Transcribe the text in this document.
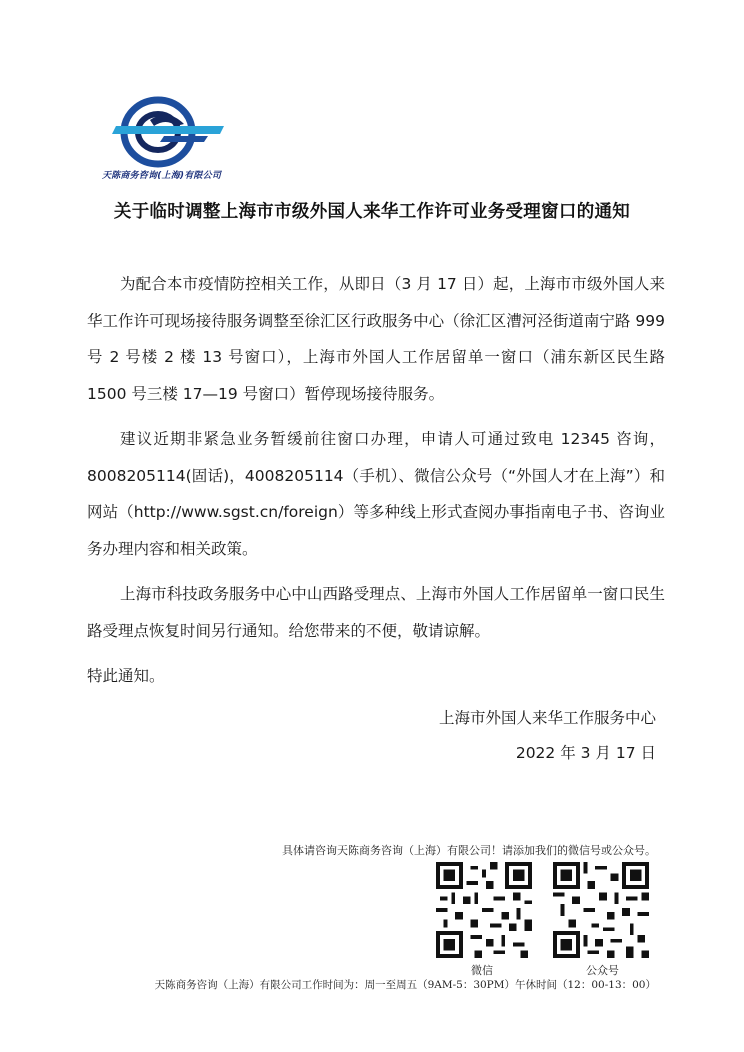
天陈商务咨询(上海)有限公司
关于临时调整上海市市级外国人来华工作许可业务受理窗口的通知

为配合本市疫情防控相关工作，从即日（3 月 17 日）起，上海市市级外国人来华工作许可现场接待服务调整至徐汇区行政服务中心（徐汇区漕河泾街道南宁路 999 号 2 号楼 2 楼 13 号窗口），上海市外国人工作居留单一窗口（浦东新区民生路 1500 号三楼 17—19 号窗口）暂停现场接待服务。

建议近期非紧急业务暂缓前往窗口办理，申请人可通过致电 12345 咨询，8008205114(固话)，4008205114（手机）、微信公众号（“外国人才在上海”）和网站（http://www.sgst.cn/foreign）等多种线上形式查阅办事指南电子书、咨询业务办理内容和相关政策。

上海市科技政务服务中心中山西路受理点、上海市外国人工作居留单一窗口民生路受理点恢复时间另行通知。给您带来的不便，敬请谅解。

特此通知。

上海市外国人来华工作服务中心
2022 年 3 月 17 日
具体请咨询天陈商务咨询（上海）有限公司！请添加我们的微信号或公众号。
微信	公众号
天陈商务咨询（上海）有限公司工作时间为：周一至周五（9AM-5：30PM）午休时间（12：00-13：00）
